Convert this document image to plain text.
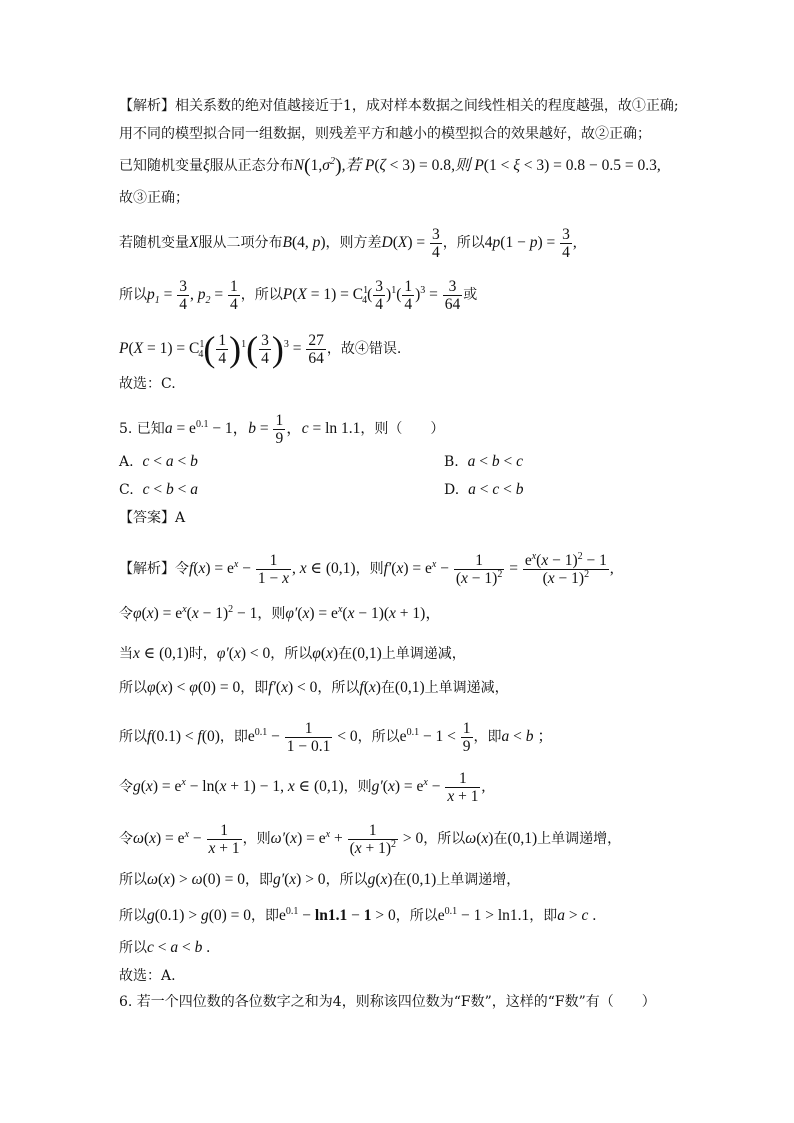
【解析】相关系数的绝对值越接近于1，成对样本数据之间线性相关的程度越强，故①正确;
用不同的模型拟合同一组数据，则残差平方和越小的模型拟合的效果越好，故②正确；
已知随机变量ξ服从正态分布$N(1,\sigma^2)$,若 P(ζ < 3) = 0.8,则 P(1 < ξ < 3) = 0.8 − 0.5 = 0.3,
故③正确；
若随机变量X服从二项分布B(4, p)，则方差$D(X) = \frac{3}{4}$ ，所以$4p(1 - p) = \frac{3}{4}$ ,
所以$p_1 = \frac{3}{4}$ , $p_2 = \frac{1}{4}$ ，所以$P(X = 1) = C^1_4( \frac{3}{4} )^1( \frac{1}{4} )^3 = \frac{3}{64}$ 或
$P(X = 1) = C^1_4( \frac{1}{4} )^1( \frac{3}{4} )^3 = \frac{27}{64}$ ，故④错误.
故选：C.
5. 已知$a = e^{0.1} - 1$，$b = \frac{1}{9}$ ，c = ln 1.1，则（　　）
A. c < a < b	B. a < b < c
C. c < b < a	D. a < c < b
【答案】A
【解析】令$f(x) = e^x - \frac{1}{1 - x}$ , x ∈ (0,1)，则$f'(x) = e^x - \frac{1}{(x - 1)^2} = \frac{e^x(x - 1)^2 - 1}{(x - 1)^2}$ ,
令$\varphi(x) = e^x(x - 1)^2 - 1$，则$\varphi'(x) = e^x(x - 1)(x + 1)$，
当x ∈ (0,1)时，φ′(x) < 0，所以φ(x)在(0,1)上单调递减，
所以φ(x) < φ(0) = 0，即f′(x) < 0，所以f(x)在(0,1)上单调递减，
所以f(0.1) < f(0)，即$e^{0.1} - \frac{1}{1 - 0.1} < 0$，所以$e^{0.1} - 1 < \frac{1}{9}$ ，即a < b ；
令$g(x) = e^x - \ln(x + 1) - 1$, x ∈ (0,1)，则$g'(x) = e^x - \frac{1}{x + 1}$ ,
令$\omega(x) = e^x - \frac{1}{x + 1}$ ，则$\omega'(x) = e^x + \frac{1}{(x + 1)^2} > 0$，所以ω(x)在(0,1)上单调递增，
所以ω(x) > ω(0) = 0，即g′(x) > 0，所以g(x)在(0,1)上单调递增，
所以g(0.1) > g(0) = 0，即$e^{0.1} - \ln 1.1 - 1 > 0$，所以$e^{0.1} - 1 > \ln 1.1$，即a > c .
所以c < a < b .
故选：A.
6. 若一个四位数的各位数字之和为4，则称该四位数为“F数”，这样的“F数”有（　　）
